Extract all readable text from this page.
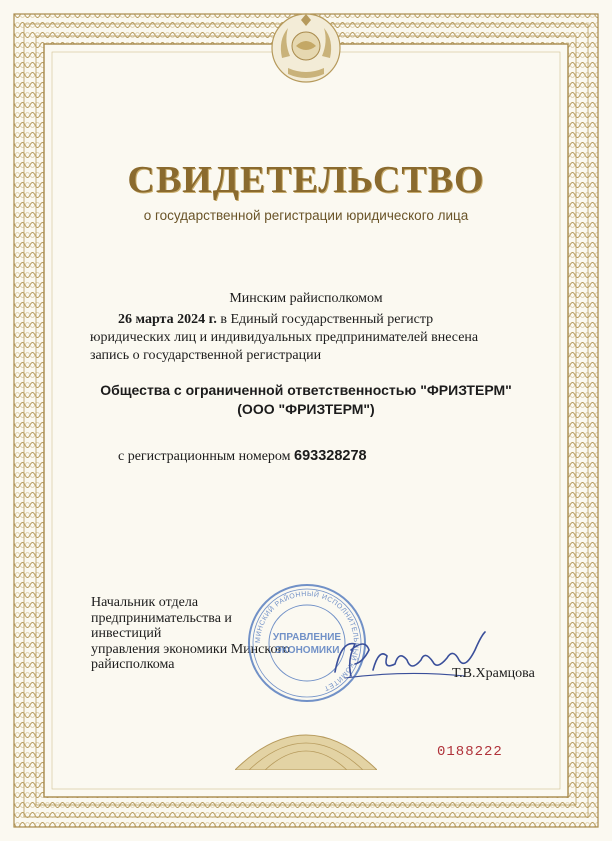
СВИДЕТЕЛЬСТВО
о государственной регистрации юридического лица
Минским райисполкомом
26 марта 2024 г. в Единый государственный регистр
юридических лиц и индивидуальных предпринимателей внесена
запись о государственной регистрации
Общества с ограниченной ответственностью "ФРИЗТЕРМ"
(ООО "ФРИЗТЕРМ")
с регистрационным номером 693328278
Начальник отдела
предпринимательства и
инвестиций
управления экономики Минского
райисполкома
МИНСКИЙ РАЙОННЫЙ ИСПОЛНИТЕЛЬНЫЙ КОМИТЕТ
УПРАВЛЕНИЕ
ЭКОНОМИКИ
Т.В.Храмцова
0188222
